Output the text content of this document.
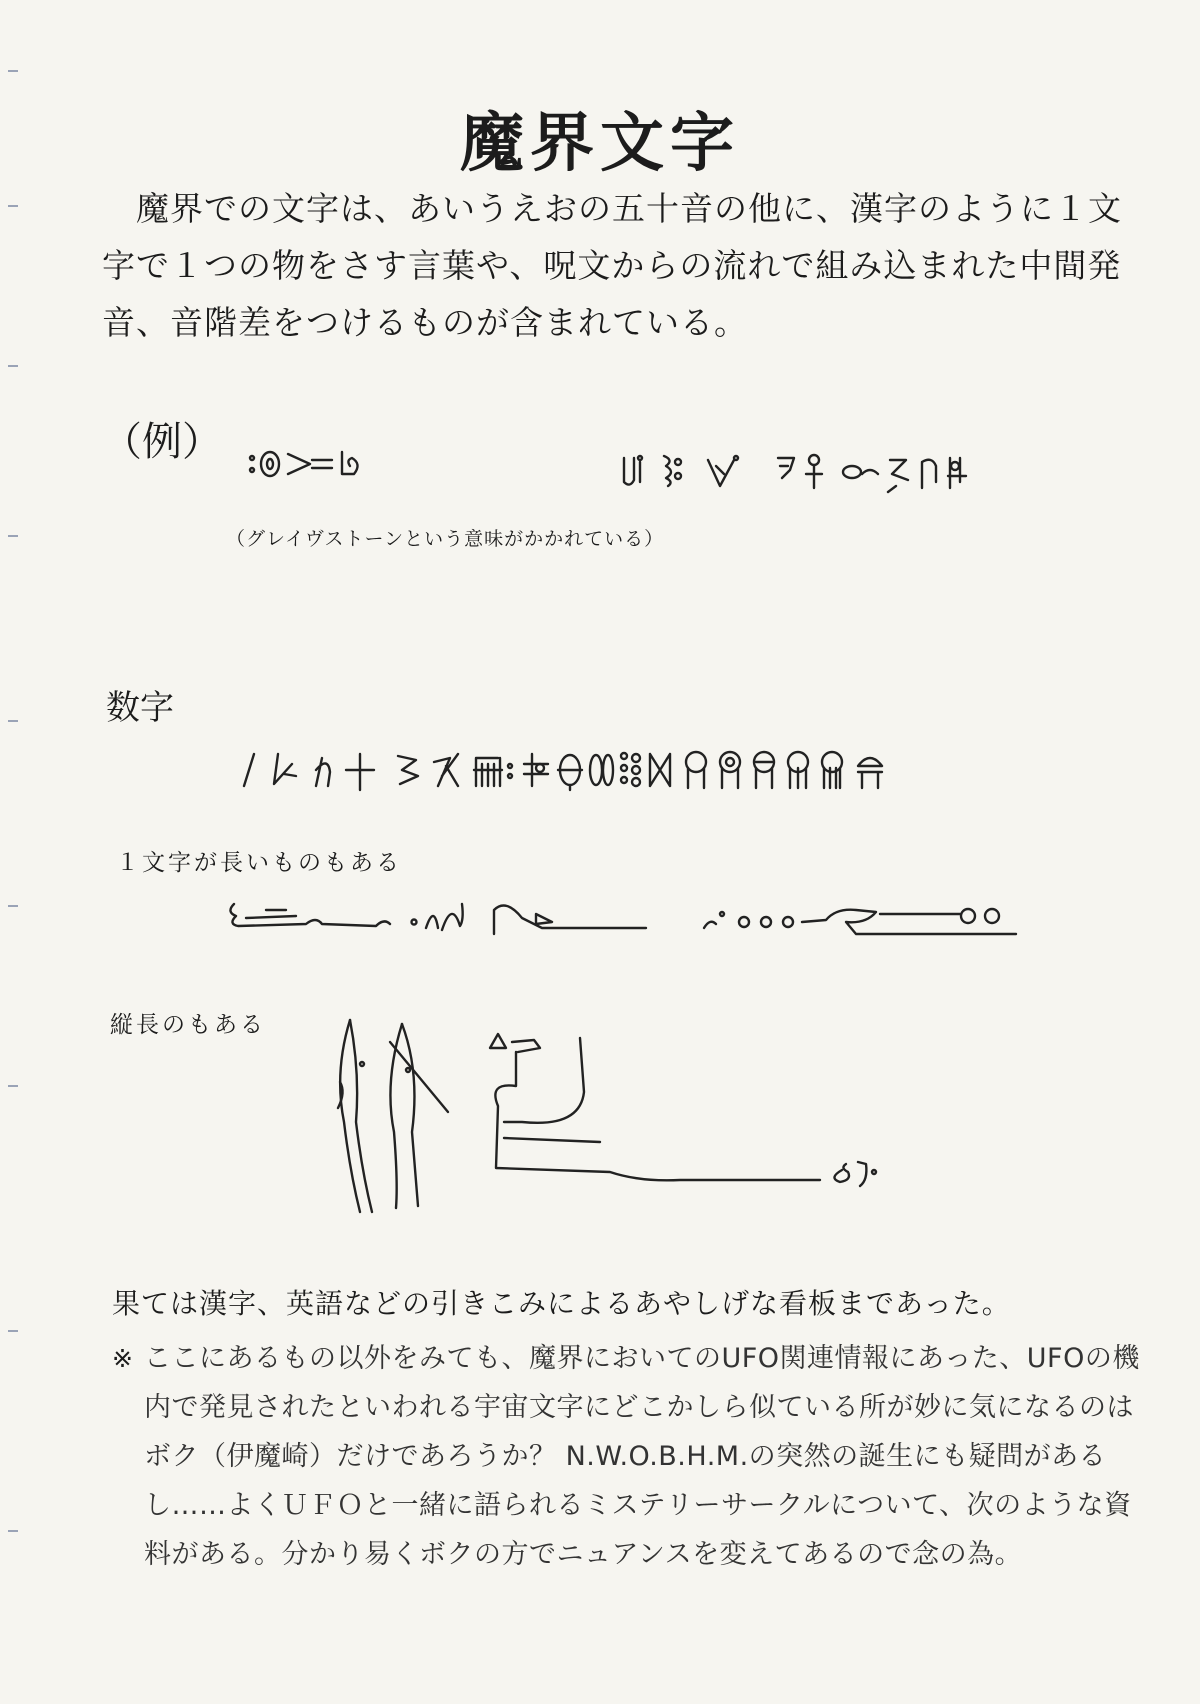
魔界文字

　魔界での文字は、あいうえおの五十音の他に、漢字のように１文字で１つの物をさす言葉や、呪文からの流れで組み込まれた中間発音、音階差をつけるものが含まれている。

（例）
（グレイヴストーンという意味がかかれている）
数字
１文字が長いものもある
縦長のもある

果ては漢字、英語などの引きこみによるあやしげな看板まであった。

※ ここにあるもの以外をみても、魔界においてのUFO関連情報にあった、UFOの機内で発見されたといわれる宇宙文字にどこかしら似ている所が妙に気になるのはボク（伊魔崎）だけであろうか？ N.W.O.B.H.M.の突然の誕生にも疑問があるし……よくＵＦＯと一緒に語られるミステリーサークルについて、次のような資料がある。分かり易くボクの方でニュアンスを変えてあるので念の為。
